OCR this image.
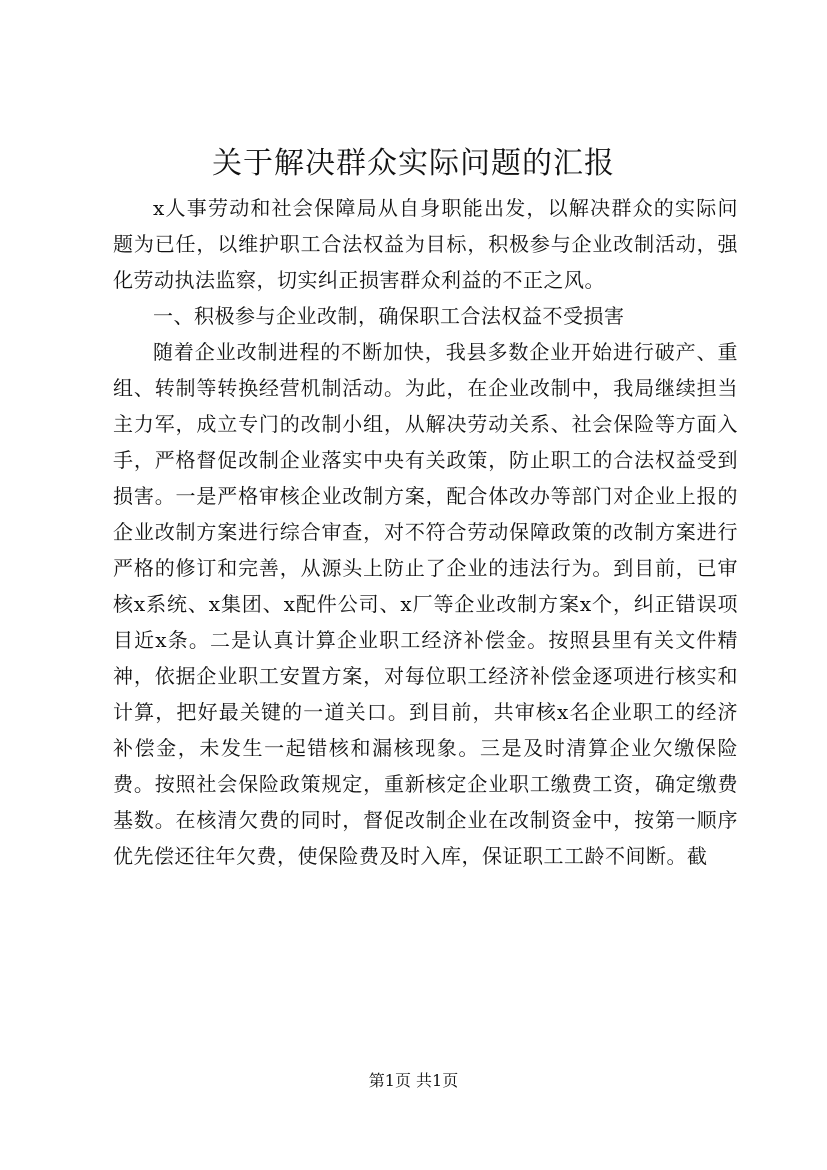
关于解决群众实际问题的汇报

x人事劳动和社会保障局从自身职能出发，以解决群众的实际问题为已任，以维护职工合法权益为目标，积极参与企业改制活动，强化劳动执法监察，切实纠正损害群众利益的不正之风。

一、积极参与企业改制，确保职工合法权益不受损害

随着企业改制进程的不断加快，我县多数企业开始进行破产、重组、转制等转换经营机制活动。为此，在企业改制中，我局继续担当主力军，成立专门的改制小组，从解决劳动关系、社会保险等方面入手，严格督促改制企业落实中央有关政策，防止职工的合法权益受到损害。一是严格审核企业改制方案，配合体改办等部门对企业上报的企业改制方案进行综合审查，对不符合劳动保障政策的改制方案进行严格的修订和完善，从源头上防止了企业的违法行为。到目前，已审核x系统、x集团、x配件公司、x厂等企业改制方案x个，纠正错误项目近x条。二是认真计算企业职工经济补偿金。按照县里有关文件精神，依据企业职工安置方案，对每位职工经济补偿金逐项进行核实和计算，把好最关键的一道关口。到目前，共审核x名企业职工的经济补偿金，未发生一起错核和漏核现象。三是及时清算企业欠缴保险费。按照社会保险政策规定，重新核定企业职工缴费工资，确定缴费基数。在核清欠费的同时，督促改制企业在改制资金中，按第一顺序优先偿还往年欠费，使保险费及时入库，保证职工工龄不间断。截

第1页 共1页
